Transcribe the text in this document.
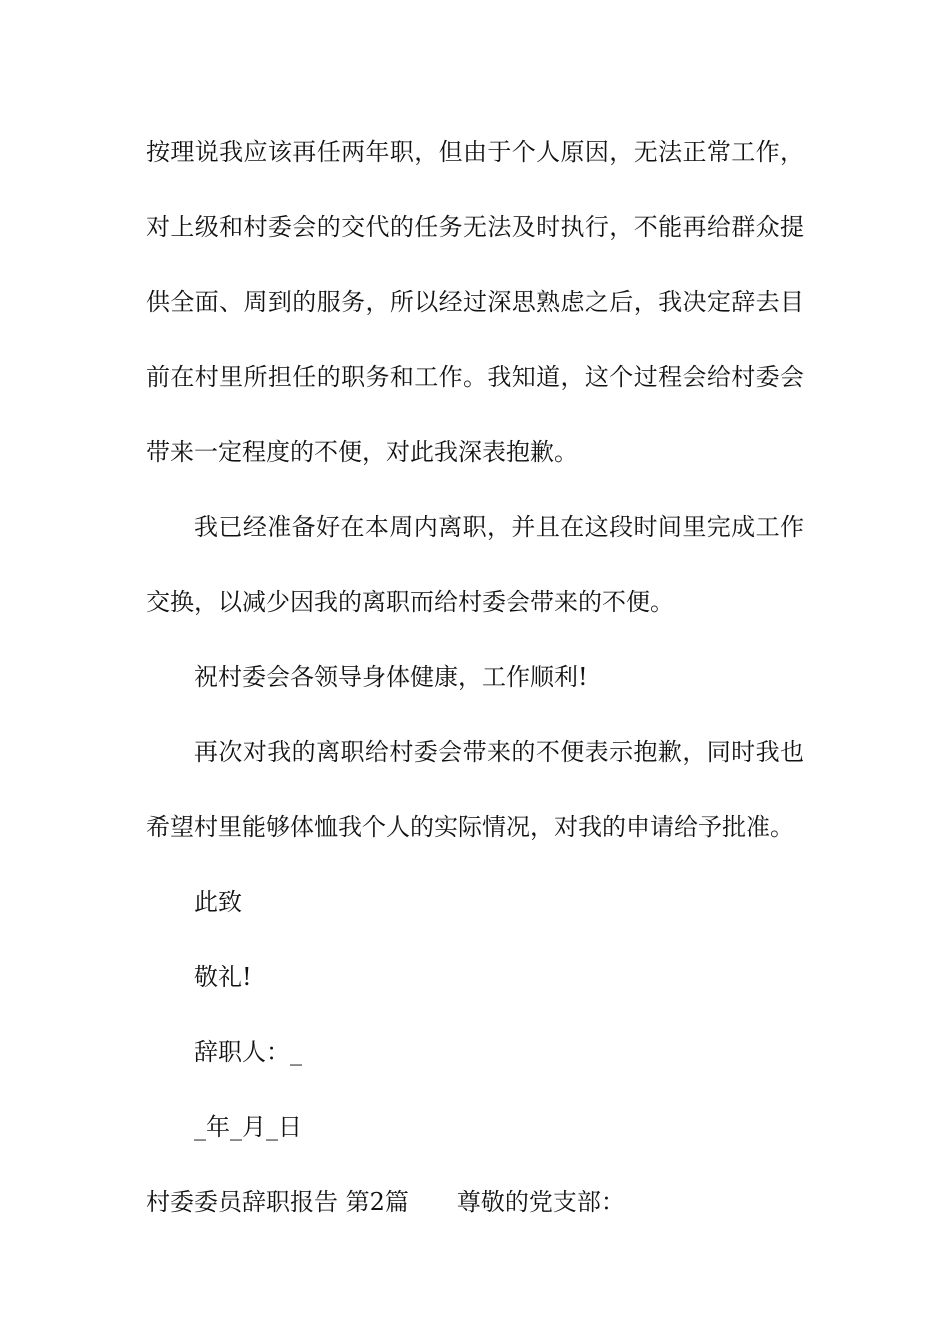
按理说我应该再任两年职，但由于个人原因，无法正常工作，

对上级和村委会的交代的任务无法及时执行，不能再给群众提

供全面、周到的服务，所以经过深思熟虑之后，我决定辞去目

前在村里所担任的职务和工作。我知道，这个过程会给村委会

带来一定程度的不便，对此我深表抱歉。

我已经准备好在本周内离职，并且在这段时间里完成工作

交换，以减少因我的离职而给村委会带来的不便。

祝村委会各领导身体健康，工作顺利!

再次对我的离职给村委会带来的不便表示抱歉，同时我也

希望村里能够体恤我个人的实际情况，对我的申请给予批准。

此致

敬礼!

辞职人：_

_年_月_日

村委委员辞职报告 第2篇 尊敬的党支部：
